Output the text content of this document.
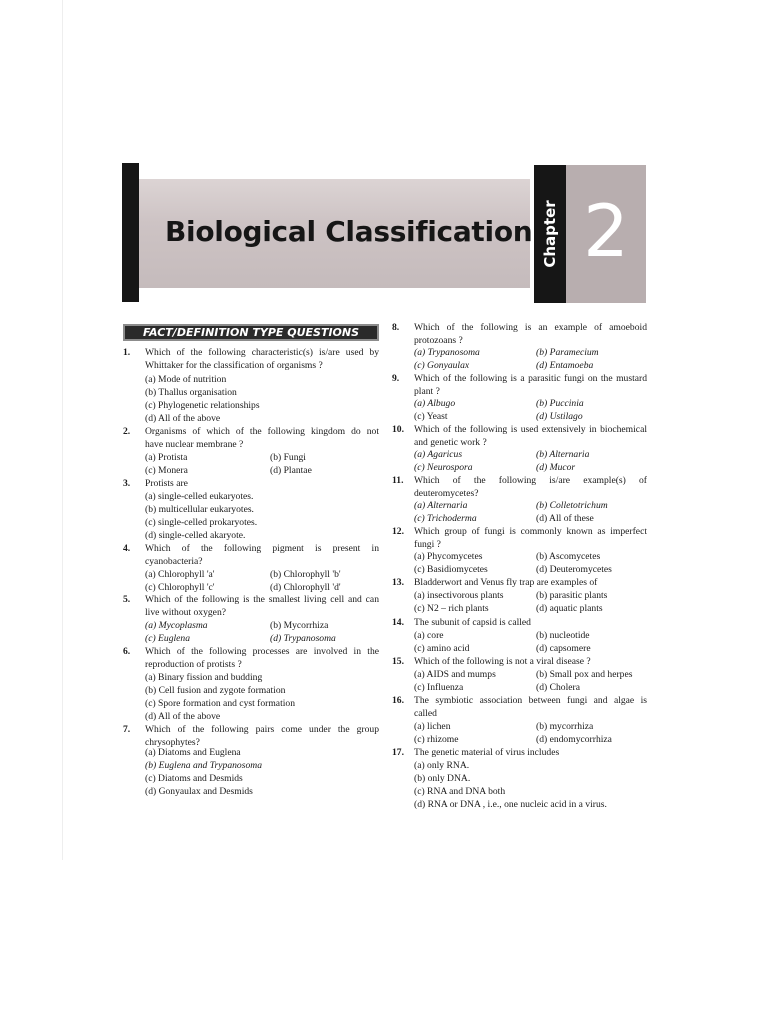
Biological Classification Chapter 2
FACT/DEFINITION TYPE QUESTIONS
1. Which of the following characteristic(s) is/are used by
Whittaker for the classification of organisms ?
(a) Mode of nutrition
(b) Thallus organisation
(c) Phylogenetic relationships
(d) All of the above
2. Organisms of which of the following kingdom do not
have nuclear membrane ?
(a) Protista	(b) Fungi
(c) Monera	(d) Plantae
3. Protists are
(a) single-celled eukaryotes.
(b) multicellular eukaryotes.
(c) single-celled prokaryotes.
(d) single-celled akaryote.
4. Which of the following pigment is present in
cyanobacteria?
(a) Chlorophyll 'a'	(b) Chlorophyll 'b'
(c) Chlorophyll 'c'	(d) Chlorophyll 'd'
5. Which of the following is the smallest living cell and can
live without oxygen?
(a) Mycoplasma	(b) Mycorrhiza
(c) Euglena	(d) Trypanosoma
6. Which of the following processes are involved in the
reproduction of protists ?
(a) Binary fission and budding
(b) Cell fusion and zygote formation
(c) Spore formation and cyst formation
(d) All of the above
7. Which of the following pairs come under the group
chrysophytes?
(a) Diatoms and Euglena
(b) Euglena and Trypanosoma
(c) Diatoms and Desmids
(d) Gonyaulax and Desmids
8. Which of the following is an example of amoeboid
protozoans ?
(a) Trypanosoma	(b) Paramecium
(c) Gonyaulax	(d) Entamoeba
9. Which of the following is a parasitic fungi on the mustard
plant ?
(a) Albugo	(b) Puccinia
(c) Yeast	(d) Ustilago
10. Which of the following is used extensively in biochemical
and genetic work ?
(a) Agaricus	(b) Alternaria
(c) Neurospora	(d) Mucor
11. Which of the following is/are example(s) of
deuteromycetes?
(a) Alternaria	(b) Colletotrichum
(c) Trichoderma	(d) All of these
12. Which group of fungi is commonly known as imperfect
fungi ?
(a) Phycomycetes	(b) Ascomycetes
(c) Basidiomycetes	(d) Deuteromycetes
13. Bladderwort and Venus fly trap are examples of
(a) insectivorous plants	(b) parasitic plants
(c) N2 – rich plants	(d) aquatic plants
14. The subunit of capsid is called
(a) core	(b) nucleotide
(c) amino acid	(d) capsomere
15. Which of the following is not a viral disease ?
(a) AIDS and mumps	(b) Small pox and herpes
(c) Influenza	(d) Cholera
16. The symbiotic association between fungi and algae is
called
(a) lichen	(b) mycorrhiza
(c) rhizome	(d) endomycorrhiza
17. The genetic material of virus includes
(a) only RNA.
(b) only DNA.
(c) RNA and DNA both
(d) RNA or DNA , i.e., one nucleic acid in a virus.
